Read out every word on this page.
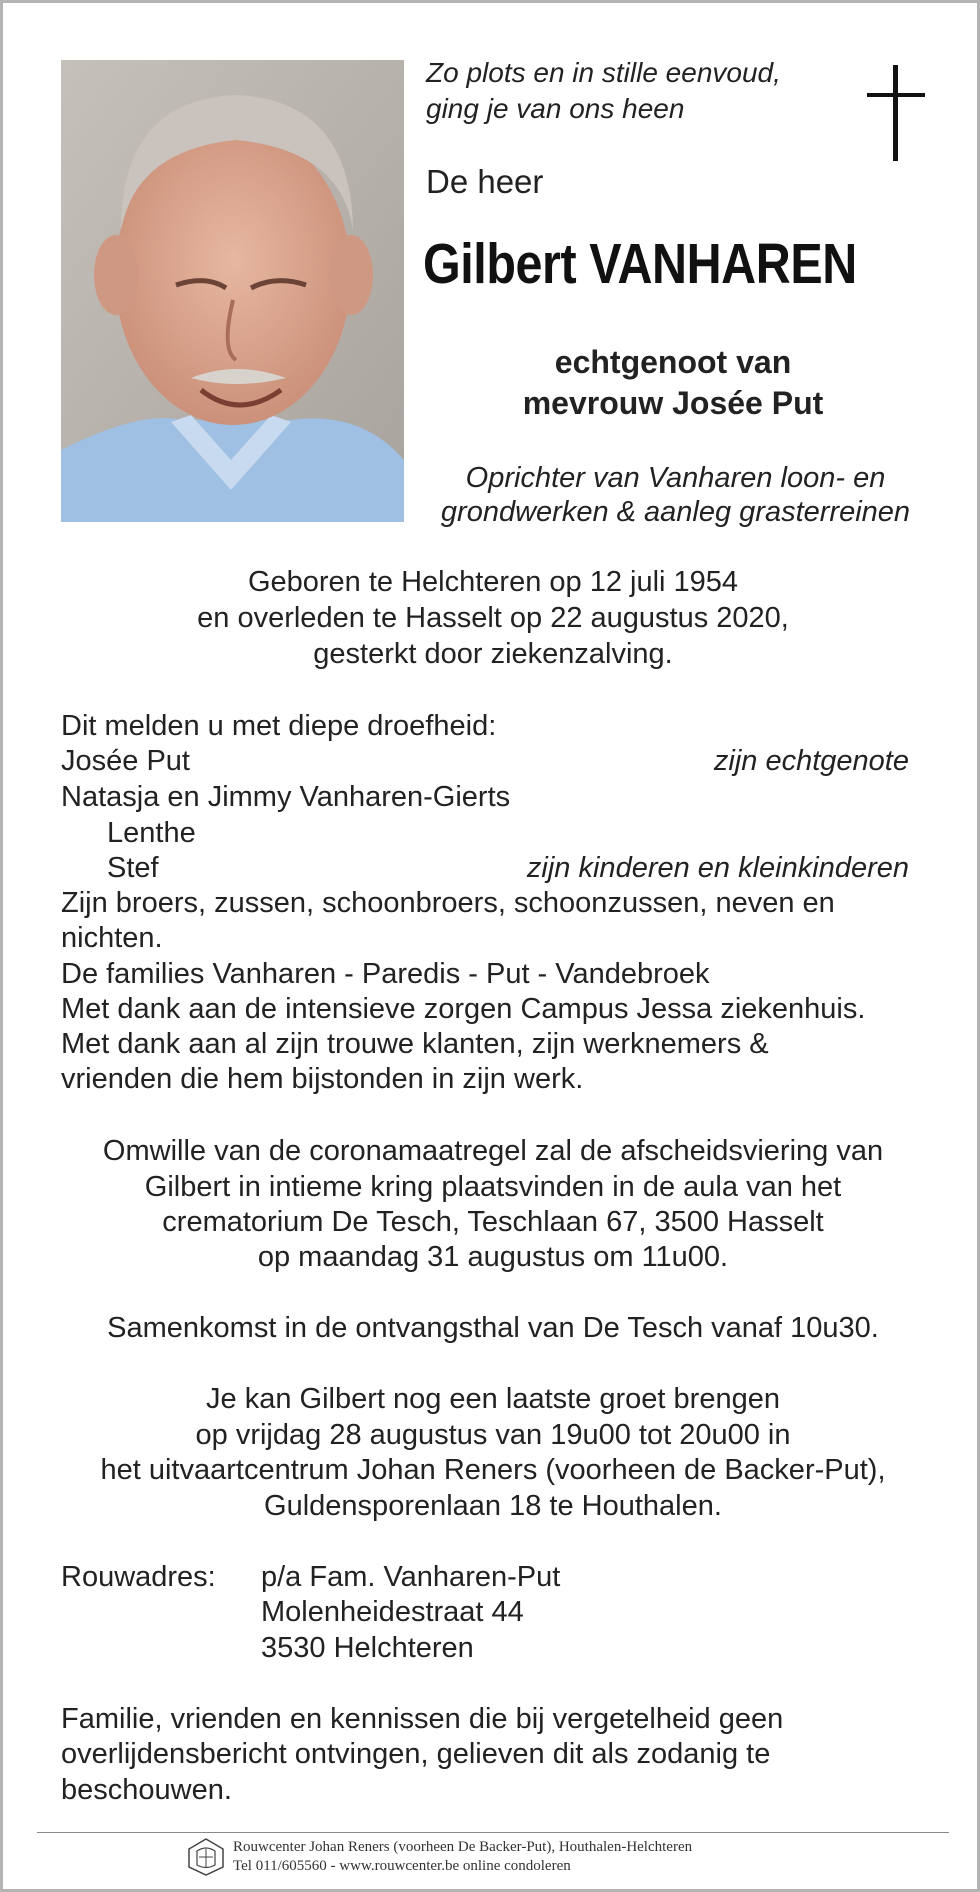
Zo plots en in stille eenvoud,
ging je van ons heen
De heer
Gilbert VANHAREN
echtgenoot van
mevrouw Josée Put
Oprichter van Vanharen loon- en
grondwerken & aanleg grasterreinen
Geboren te Helchteren op 12 juli 1954
en overleden te Hasselt op 22 augustus 2020,
gesterkt door ziekenzalving.
Dit melden u met diepe droefheid:
Josée Put	zijn echtgenote
Natasja en Jimmy Vanharen-Gierts
Lenthe
Stef	zijn kinderen en kleinkinderen
Zijn broers, zussen, schoonbroers, schoonzussen, neven en
nichten.
De families Vanharen - Paredis - Put - Vandebroek
Met dank aan de intensieve zorgen Campus Jessa ziekenhuis.
Met dank aan al zijn trouwe klanten, zijn werknemers &
vrienden die hem bijstonden in zijn werk.
Omwille van de coronamaatregel zal de afscheidsviering van
Gilbert in intieme kring plaatsvinden in de aula van het
crematorium De Tesch, Teschlaan 67, 3500 Hasselt
op maandag 31 augustus om 11u00.
Samenkomst in de ontvangsthal van De Tesch vanaf 10u30.
Je kan Gilbert nog een laatste groet brengen
op vrijdag 28 augustus van 19u00 tot 20u00 in
het uitvaartcentrum Johan Reners (voorheen de Backer-Put),
Guldensporenlaan 18 te Houthalen.
Rouwadres: p/a Fam. Vanharen-Put
Molenheidestraat 44
3530 Helchteren
Familie, vrienden en kennissen die bij vergetelheid geen
overlijdensbericht ontvingen, gelieven dit als zodanig te
beschouwen.
Rouwcenter Johan Reners (voorheen De Backer-Put), Houthalen-Helchteren
Tel 011/605560 - www.rouwcenter.be online condoleren
